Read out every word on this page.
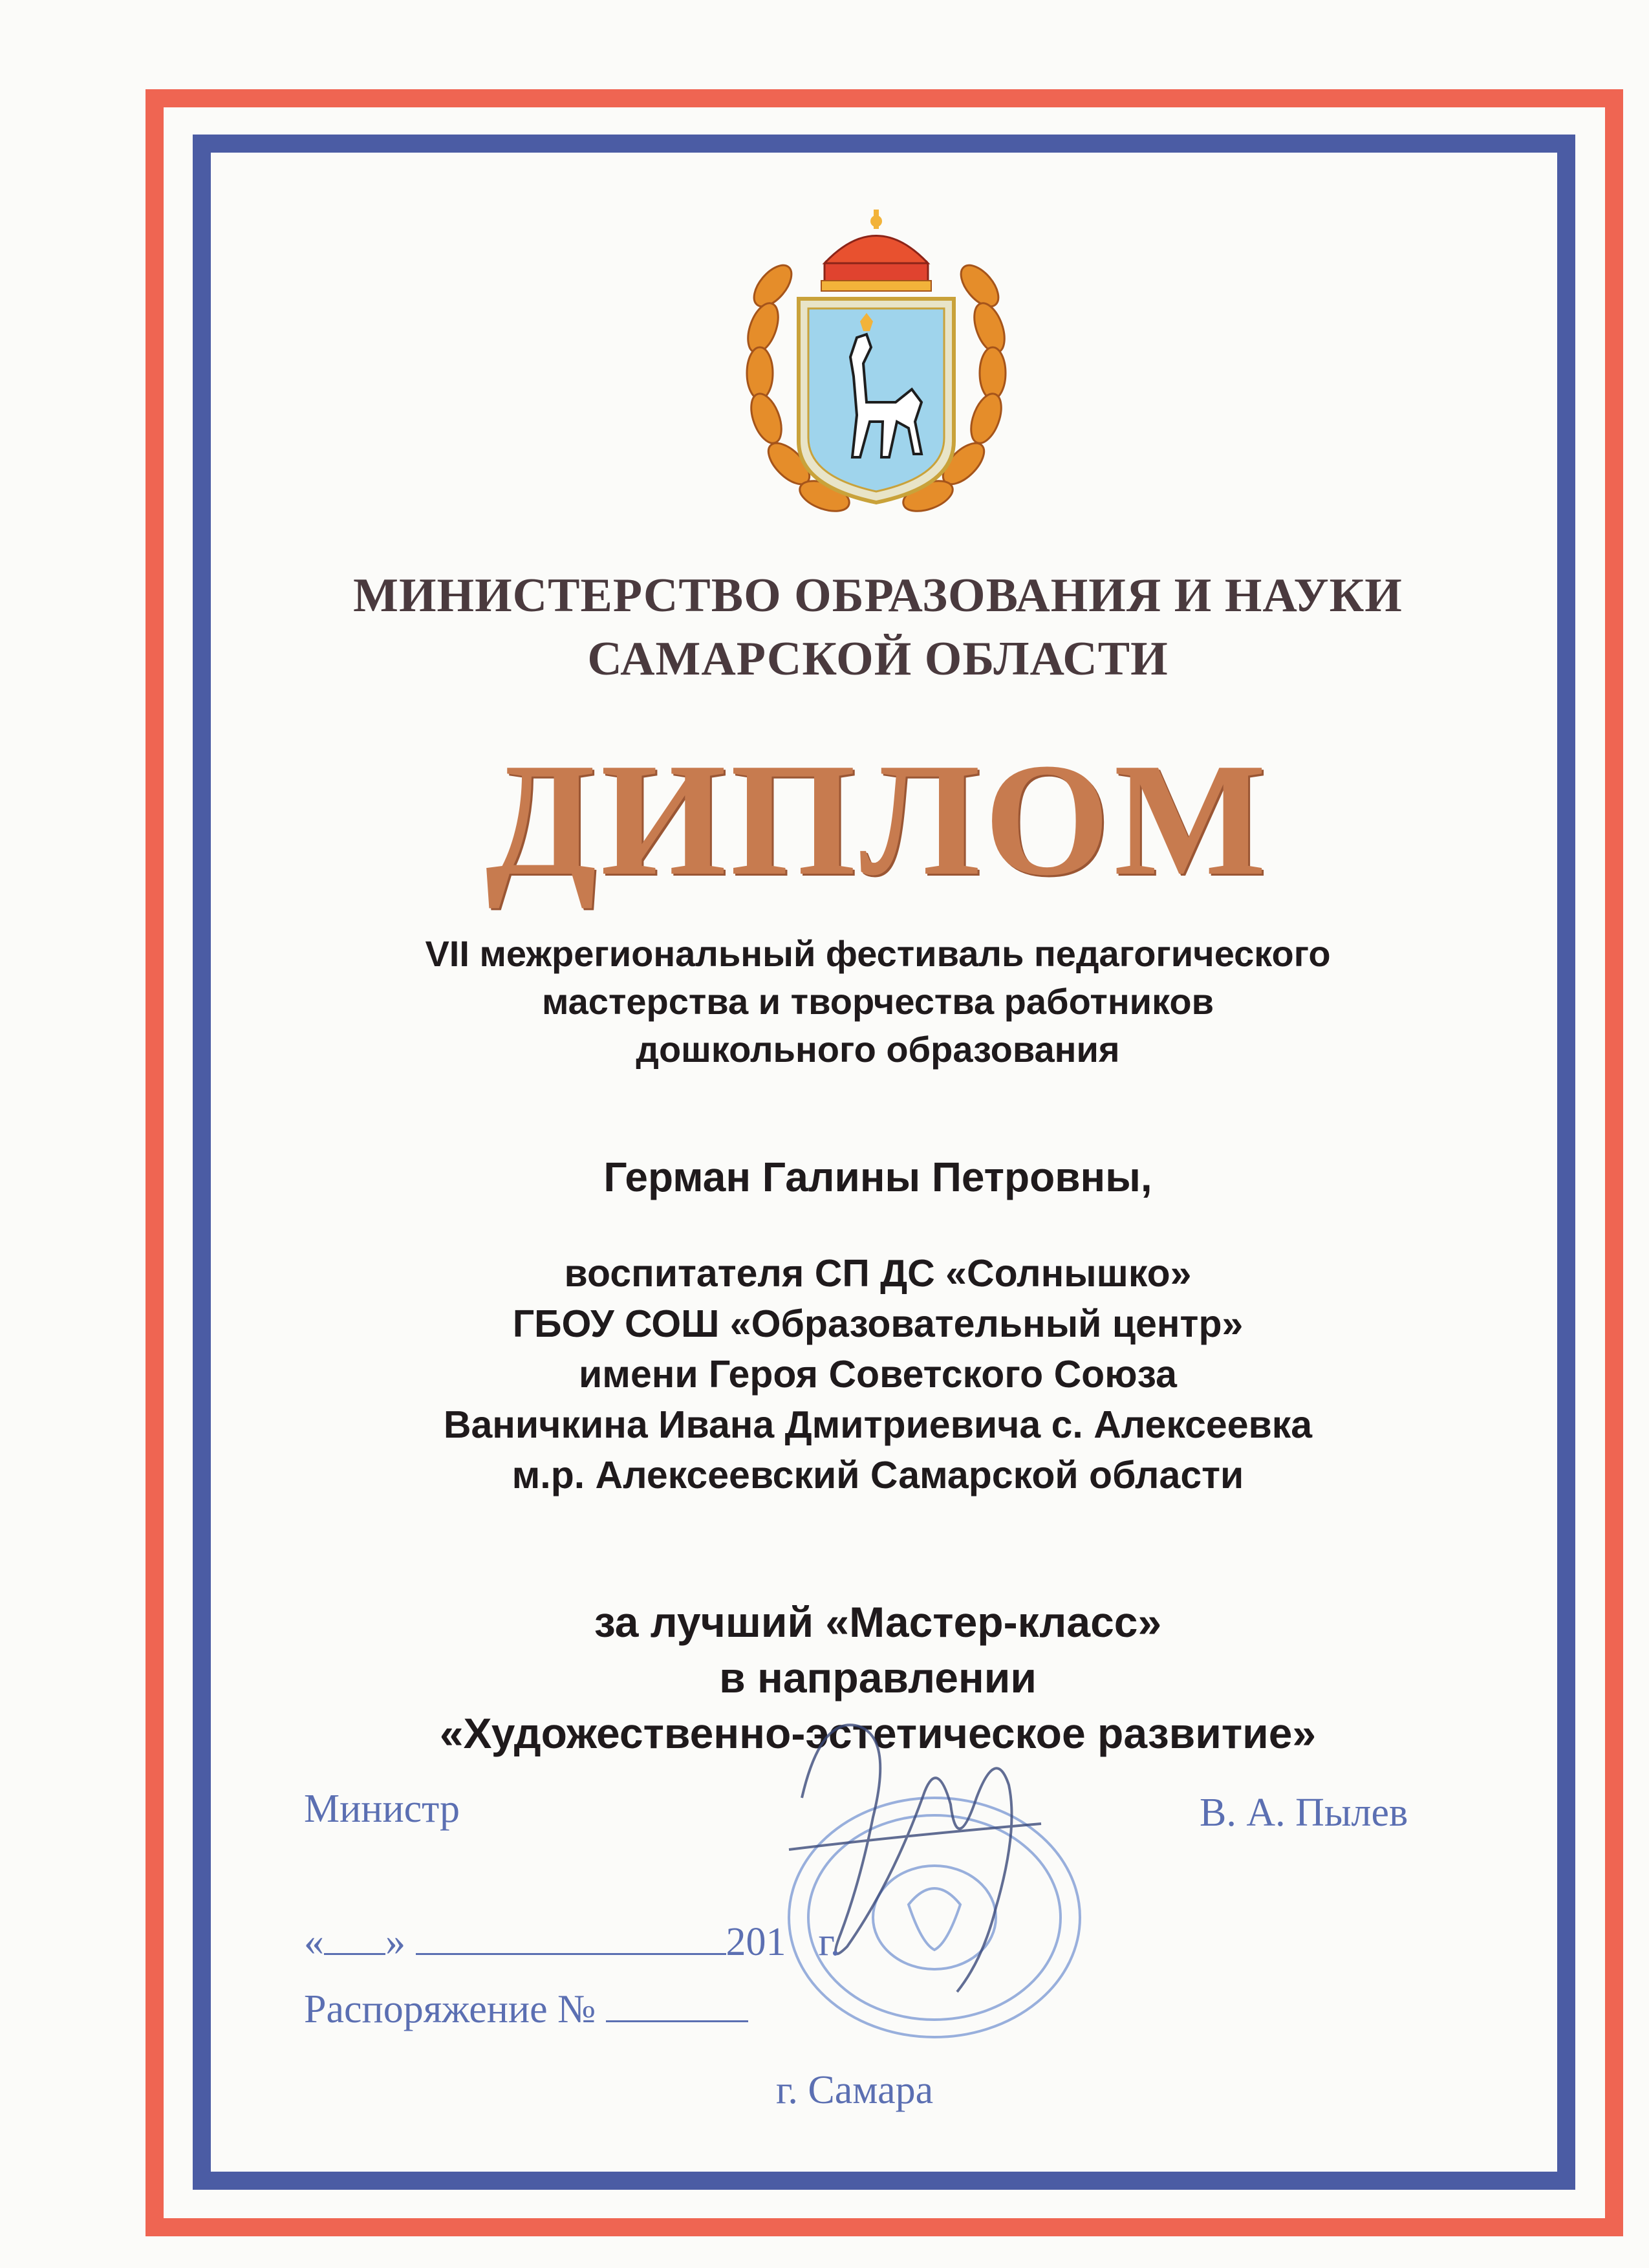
МИНИСТЕРСТВО ОБРАЗОВАНИЯ И НАУКИ
САМАРСКОЙ ОБЛАСТИ
ДИПЛОМ
VII межрегиональный фестиваль педагогического
мастерства и творчества работников
дошкольного образования
Герман Галины Петровны,
воспитателя СП ДС «Солнышко»
ГБОУ СОШ «Образовательный центр»
имени Героя Советского Союза
Ваничкина Ивана Дмитриевича с. Алексеевка
м.р. Алексеевский Самарской области
за лучший «Мастер-класс»
в направлении
«Художественно-эстетическое развитие»
Министр	В. А. Пылев
« »	201 г.
Распоряжение №
г. Самара
